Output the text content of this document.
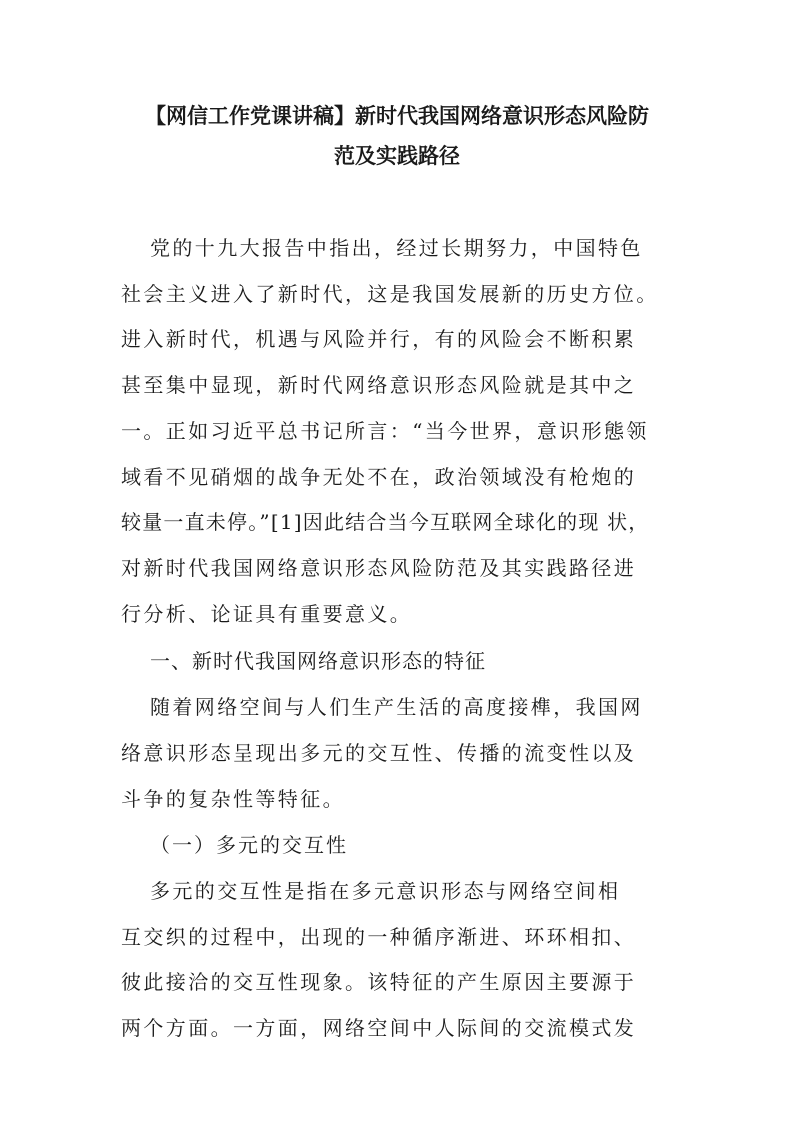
【网信工作党课讲稿】新时代我国网络意识形态风险防
范及实践路径
党的十九大报告中指出，经过长期努力，中国特色
社会主义进入了新时代，这是我国发展新的历史方位。
进入新时代，机遇与风险并行，有的风险会不断积累
甚至集中显现，新时代网络意识形态风险就是其中之
一。正如习近平总书记所言：“当今世界，意识形態领
域看不见硝烟的战争无处不在，政治领域没有枪炮的
较量一直未停。”[1]因此结合当今互联网全球化的现 状，
对新时代我国网络意识形态风险防范及其实践路径进
行分析、论证具有重要意义。
一、新时代我国网络意识形态的特征
随着网络空间与人们生产生活的高度接榫，我国网
络意识形态呈现出多元的交互性、传播的流变性以及
斗争的复杂性等特征。
（一）多元的交互性
多元的交互性是指在多元意识形态与网络空间相
互交织的过程中，出现的一种循序渐进、环环相扣、
彼此接洽的交互性现象。该特征的产生原因主要源于
两个方面。一方面，网络空间中人际间的交流模式发
